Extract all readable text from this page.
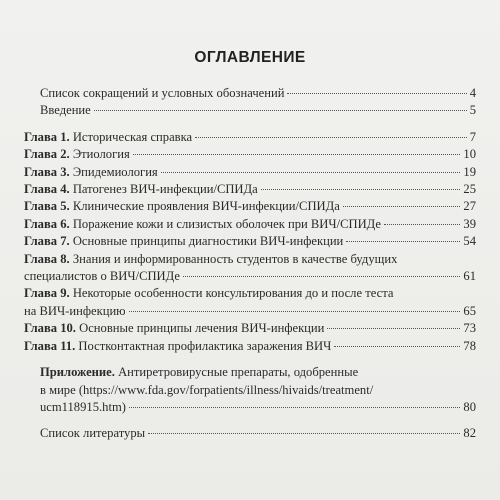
ОГЛАВЛЕНИЕ
Список сокращений и условных обозначений	4
Введение	5
Глава 1. Историческая справка	7
Глава 2. Этиология	10
Глава 3. Эпидемиология	19
Глава 4. Патогенез ВИЧ-инфекции/СПИДа	25
Глава 5. Клинические проявления ВИЧ-инфекции/СПИДа	27
Глава 6. Поражение кожи и слизистых оболочек при ВИЧ/СПИДе	39
Глава 7. Основные принципы диагностики ВИЧ-инфекции	54
Глава 8. Знания и информированность студентов в качестве будущих
специалистов о ВИЧ/СПИДе	61
Глава 9. Некоторые особенности консультирования до и после теста
на ВИЧ-инфекцию	65
Глава 10. Основные принципы лечения ВИЧ-инфекции	73
Глава 11. Постконтактная профилактика заражения ВИЧ	78
Приложение. Антиретровирусные препараты, одобренные
в мире (https://www.fda.gov/forpatients/illness/hivaids/treatment/
ucm118915.htm)	80
Список литературы	82
